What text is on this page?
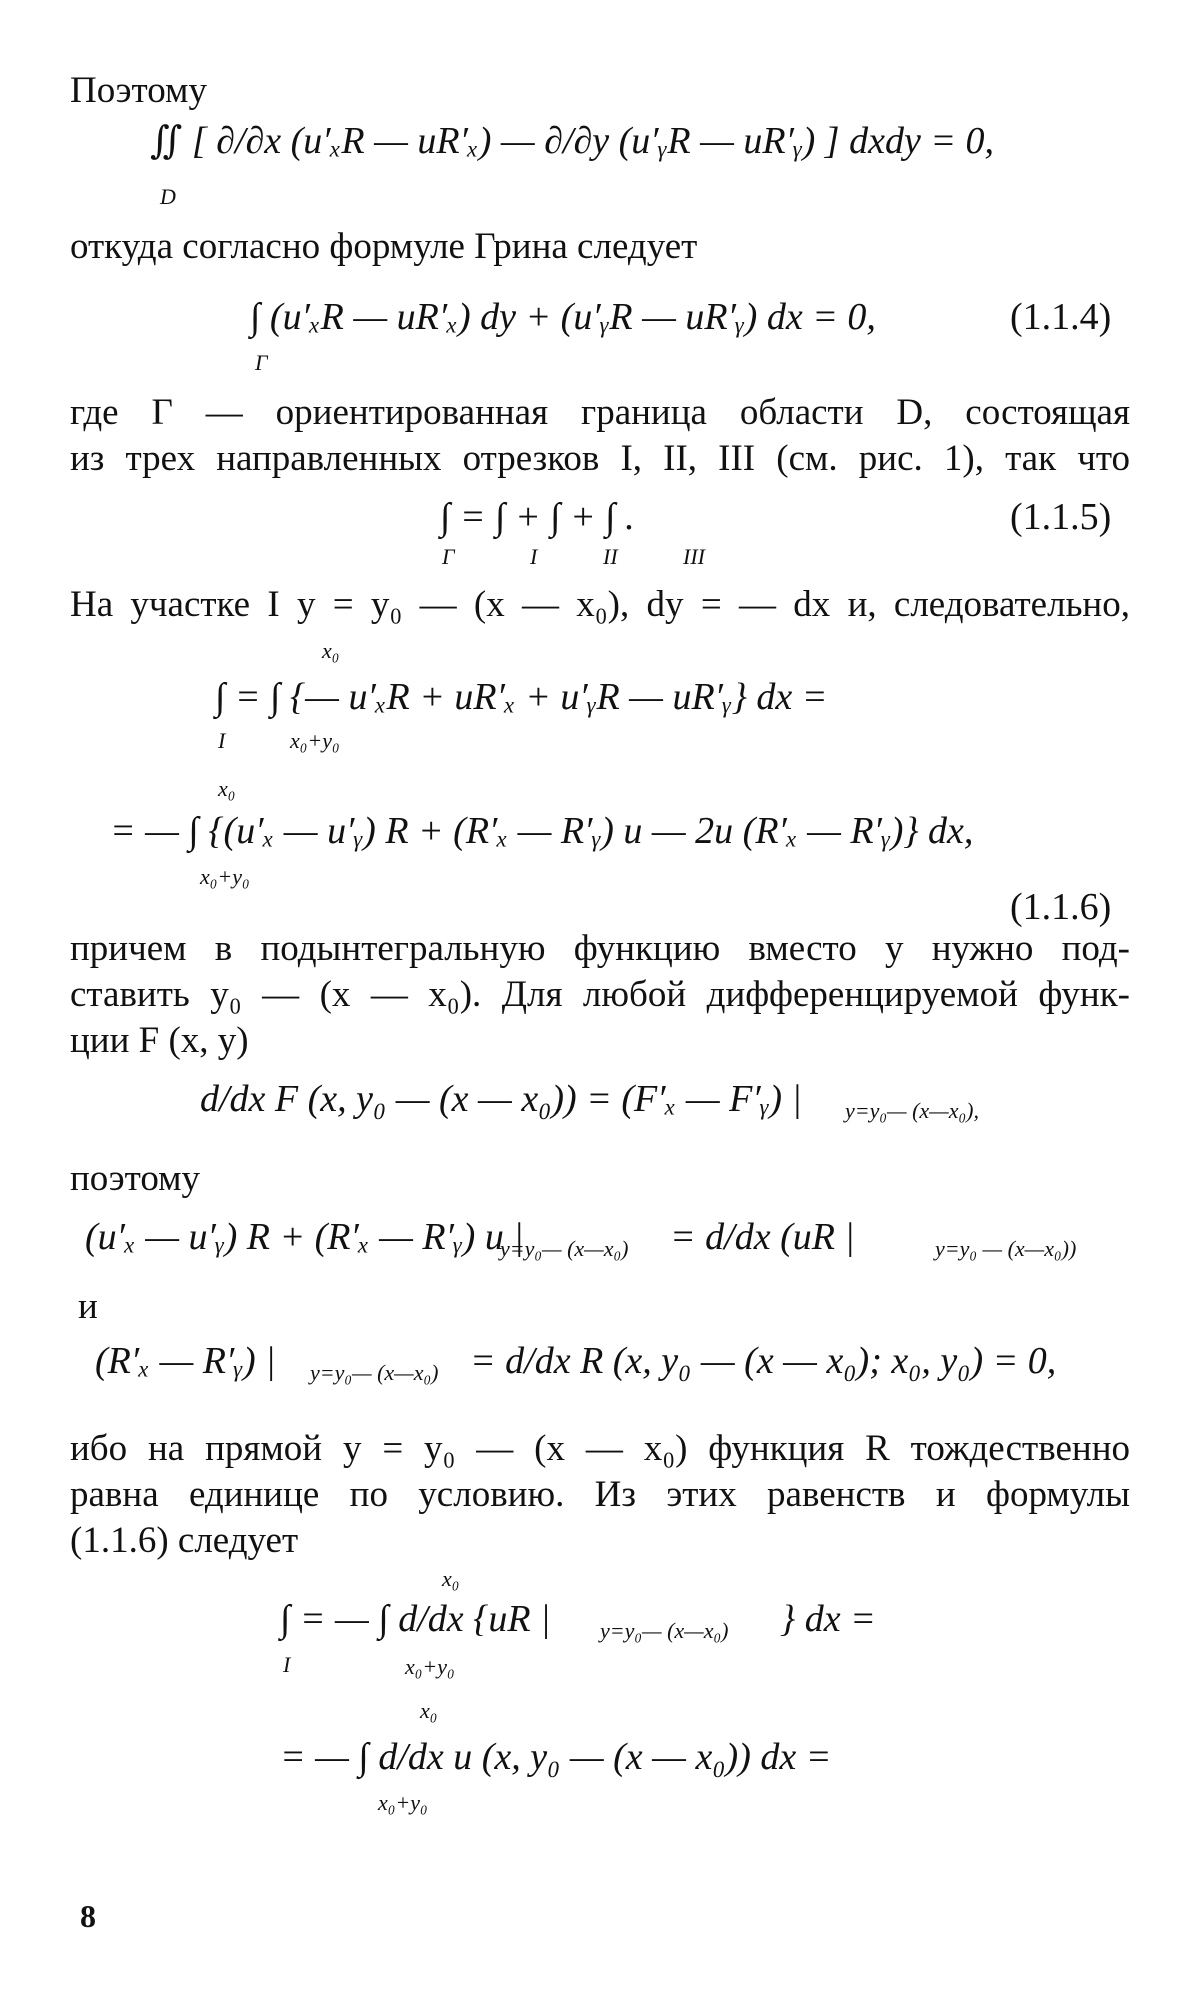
Поэтому
∬ [ ∂/∂x (u′ₓR — uR′ₓ) — ∂/∂y (u′ᵧR — uR′ᵧ) ] dxdy = 0,
D
откуда согласно формуле Грина следует
∫ (u′ₓR — uR′ₓ) dy + (u′ᵧR — uR′ᵧ) dx = 0,
Γ
(1.1.4)
где Γ — ориентированная граница области D, состоящая
из трех направленных отрезков I, II, III (см. рис. 1), так что
∫ = ∫ + ∫ + ∫ .
Γ	I	II	III
(1.1.5)
На участке I y = y₀ — (x — x₀), dy = — dx и, следовательно,
x₀
∫ = ∫ {— u′ₓR + uR′ₓ + u′ᵧR — uR′ᵧ} dx =
I	x₀+y₀
x₀
= — ∫ {(u′ₓ — u′ᵧ) R + (R′ₓ — R′ᵧ) u — 2u (R′ₓ — R′ᵧ)} dx,
x₀+y₀
(1.1.6)
причем в подынтегральную функцию вместо y нужно под-
ставить y₀ — (x — x₀). Для любой дифференцируемой функ-
ции F (x, y)
d/dx F (x, y₀ — (x — x₀)) = (F′ₓ — F′ᵧ) | y=y₀— (x—x₀),
поэтому
(u′ₓ — u′ᵧ) R + (R′ₓ — R′ᵧ) u |
y=y₀— (x—x₀) = d/dx (uR |	y=y₀ — (x—x₀))
и
(R′ₓ — R′ᵧ) | y=y₀— (x—x₀) = d/dx R (x, y₀ — (x — x₀); x₀, y₀) = 0,
ибо на прямой y = y₀ — (x — x₀) функция R тождественно
равна единице по условию. Из этих равенств и формулы
(1.1.6) следует
x₀
∫ = — ∫ d/dx {uR | y=y₀— (x—x₀) } dx =
I	x₀+y₀
x₀
= — ∫ d/dx u (x, y₀ — (x — x₀)) dx =
x₀+y₀
8
